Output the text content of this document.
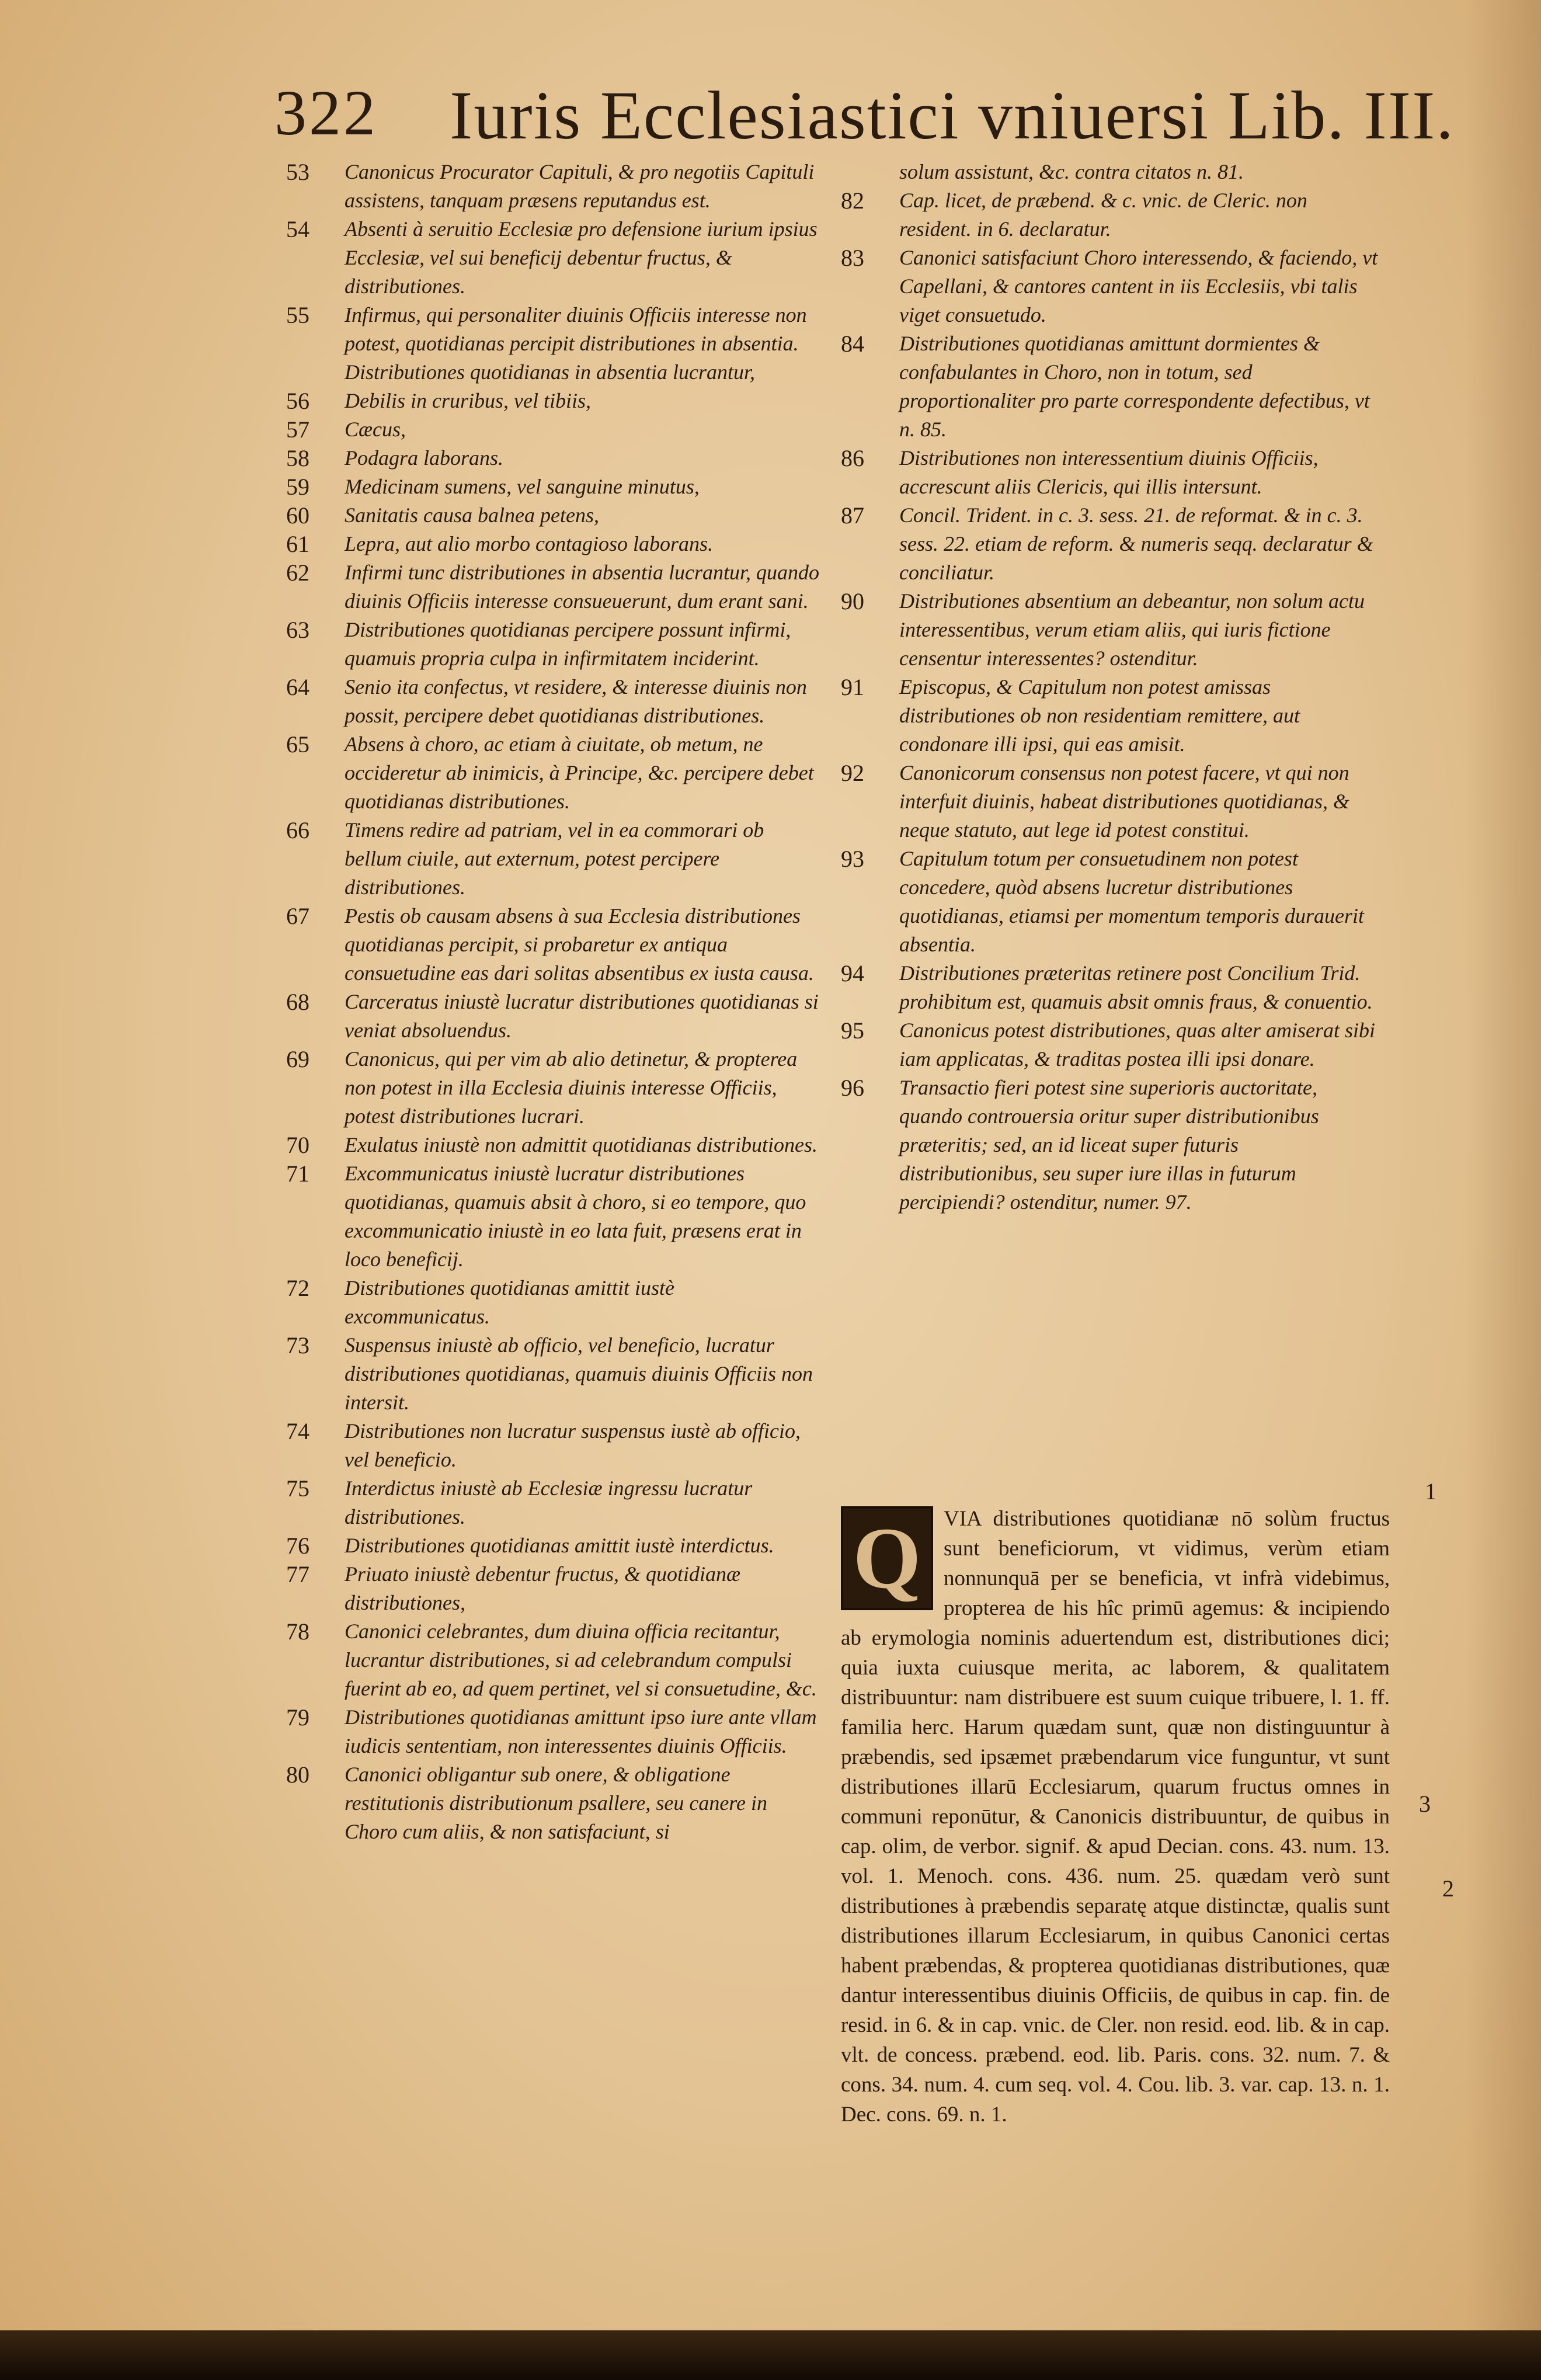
322 Iuris Ecclesiastici vniuersi Lib. III.

53 Canonicus Procurator Capituli, & pro negotiis Capituli assistens, tanquam præsens reputandus est.

54 Absenti à seruitio Ecclesiæ pro defensione iurium ipsius Ecclesiæ, vel sui beneficij debentur fructus, & distributiones.

55 Infirmus, qui personaliter diuinis Officiis interesse non potest, quotidianas percipit distributiones in absentia.

Distributiones quotidianas in absentia lucrantur,

56 Debilis in cruribus, vel tibiis,

57 Cæcus,

58 Podagra laborans.

59 Medicinam sumens, vel sanguine minutus,

60 Sanitatis causa balnea petens,

61 Lepra, aut alio morbo contagioso laborans.

62 Infirmi tunc distributiones in absentia lucrantur, quando diuinis Officiis interesse consueuerunt, dum erant sani.

63 Distributiones quotidianas percipere possunt infirmi, quamuis propria culpa in infirmitatem inciderint.

64 Senio ita confectus, vt residere, & interesse diuinis non possit, percipere debet quotidianas distributiones.

65 Absens à choro, ac etiam à ciuitate, ob metum, ne occideretur ab inimicis, à Principe, &c. percipere debet quotidianas distributiones.

66 Timens redire ad patriam, vel in ea commorari ob bellum ciuile, aut externum, potest percipere distributiones.

67 Pestis ob causam absens à sua Ecclesia distributiones quotidianas percipit, si probaretur ex antiqua consuetudine eas dari solitas absentibus ex iusta causa.

68 Carceratus iniustè lucratur distributiones quotidianas si veniat absoluendus.

69 Canonicus, qui per vim ab alio detinetur, & propterea non potest in illa Ecclesia diuinis interesse Officiis, potest distributiones lucrari.

70 Exulatus iniustè non admittit quotidianas distributiones.

71 Excommunicatus iniustè lucratur distributiones quotidianas, quamuis absit à choro, si eo tempore, quo excommunicatio iniustè in eo lata fuit, præsens erat in loco beneficij.

72 Distributiones quotidianas amittit iustè excommunicatus.

73 Suspensus iniustè ab officio, vel beneficio, lucratur distributiones quotidianas, quamuis diuinis Officiis non intersit.

74 Distributiones non lucratur suspensus iustè ab officio, vel beneficio.

75 Interdictus iniustè ab Ecclesiæ ingressu lucratur distributiones.

76 Distributiones quotidianas amittit iustè interdictus.

77 Priuato iniustè debentur fructus, & quotidianæ distributiones,

78 Canonici celebrantes, dum diuina officia recitantur, lucrantur distributiones, si ad celebrandum compulsi fuerint ab eo, ad quem pertinet, vel si consuetudine, &c.

79 Distributiones quotidianas amittunt ipso iure ante vllam iudicis sententiam, non interessentes diuinis Officiis.

80 Canonici obligantur sub onere, & obligatione restitutionis distributionum psallere, seu canere in Choro cum aliis, & non satisfaciunt, si

solum assistunt, &c. contra citatos n. 81.

82 Cap. licet, de præbend. & c. vnic. de Cleric. non resident. in 6. declaratur.

83 Canonici satisfaciunt Choro interessendo, & faciendo, vt Capellani, & cantores cantent in iis Ecclesiis, vbi talis viget consuetudo.

84 Distributiones quotidianas amittunt dormientes & confabulantes in Choro, non in totum, sed proportionaliter pro parte correspondente defectibus, vt n. 85.

86 Distributiones non interessentium diuinis Officiis, accrescunt aliis Clericis, qui illis intersunt.

87 Concil. Trident. in c. 3. sess. 21. de reformat. & in c. 3. sess. 22. etiam de reform. & numeris seqq. declaratur & conciliatur.

90 Distributiones absentium an debeantur, non solum actu interessentibus, verum etiam aliis, qui iuris fictione censentur interessentes? ostenditur.

91 Episcopus, & Capitulum non potest amissas distributiones ob non residentiam remittere, aut condonare illi ipsi, qui eas amisit.

92 Canonicorum consensus non potest facere, vt qui non interfuit diuinis, habeat distributiones quotidianas, & neque statuto, aut lege id potest constitui.

93 Capitulum totum per consuetudinem non potest concedere, quòd absens lucretur distributiones quotidianas, etiamsi per momentum temporis durauerit absentia.

94 Distributiones præteritas retinere post Concilium Trid. prohibitum est, quamuis absit omnis fraus, & conuentio.

95 Canonicus potest distributiones, quas alter amiserat sibi iam applicatas, & traditas postea illi ipsi donare.

96 Transactio fieri potest sine superioris auctoritate, quando controuersia oritur super distributionibus præteritis; sed, an id liceat super futuris distributionibus, seu super iure illas in futurum percipiendi? ostenditur, numer. 97.

Q	VIA distributiones quotidianæ nō solùm fructus sunt beneficiorum, vt vidimus, verùm etiam nonnunquā per se beneficia, vt infrà videbimus, propterea de his hîc primū agemus: & incipiendo ab erymologia nominis aduertendum est, distributiones dici; quia iuxta cuiusque merita, ac laborem, & qualitatem distribuuntur: nam distribuere est suum cuique tribuere, l. 1. ff. familia herc. Harum quædam sunt, quæ non distinguuntur à præbendis, sed ipsæmet præbendarum vice funguntur, vt sunt distributiones illarū Ecclesiarum, quarum fructus omnes in communi reponūtur, & Canonicis distribuuntur, de quibus in cap. olim, de verbor. signif. & apud Decian. cons. 43. num. 13. vol. 1. Menoch. cons. 436. num. 25. quædam verò sunt distributiones à præbendis separatę atque distinctæ, qualis sunt distributiones illarum Ecclesiarum, in quibus Canonici certas habent præbendas, & propterea quotidianas distributiones, quæ dantur interessentibus diuinis Officiis, de quibus in cap. fin. de resid. in 6. & in cap. vnic. de Cler. non resid. eod. lib. & in cap. vlt. de concess. præbend. eod. lib. Paris. cons. 32. num. 7. & cons. 34. num. 4. cum seq. vol. 4. Cou. lib. 3. var. cap. 13. n. 1. Dec. cons. 69. n. 1.
1
2
3
